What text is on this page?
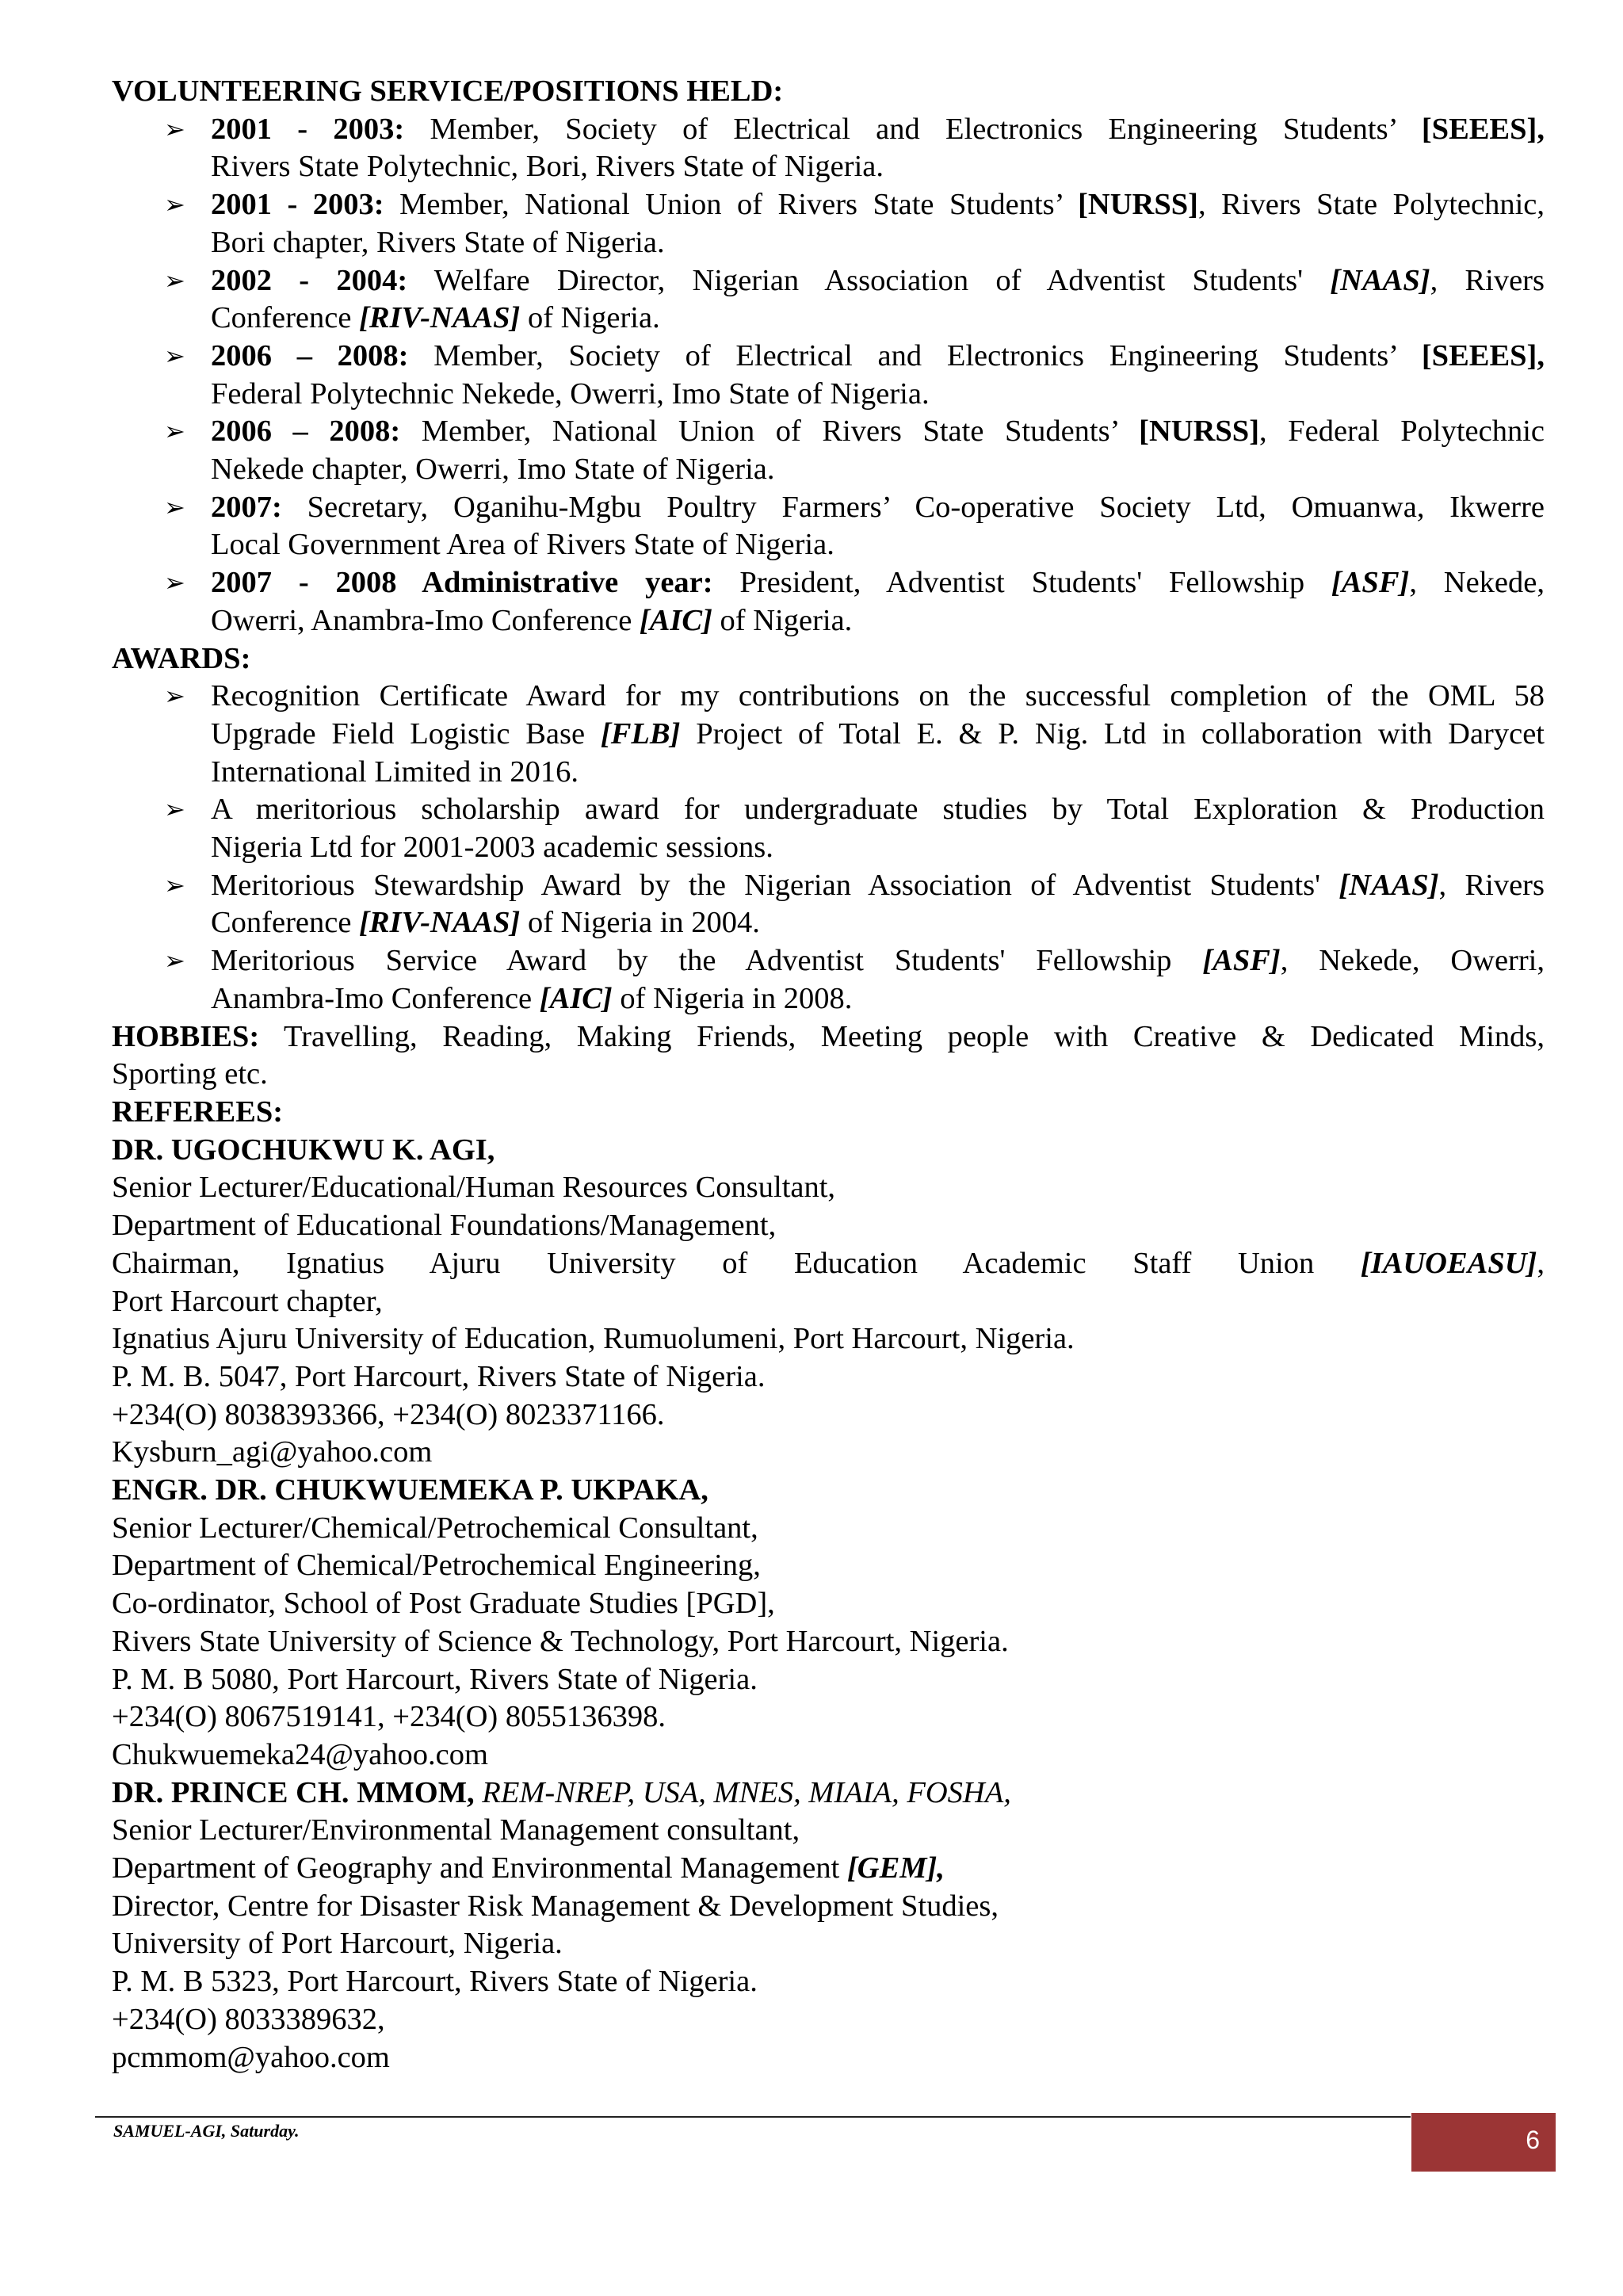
VOLUNTEERING SERVICE/POSITIONS HELD:
➢ 2001 - 2003: Member, Society of Electrical and Electronics Engineering Students’ [SEEES],
Rivers State Polytechnic, Bori, Rivers State of Nigeria.
➢ 2001 - 2003: Member, National Union of Rivers State Students’ [NURSS], Rivers State Polytechnic,
Bori chapter, Rivers State of Nigeria.
➢ 2002 - 2004: Welfare Director, Nigerian Association of Adventist Students' [NAAS], Rivers
Conference [RIV-NAAS] of Nigeria.
➢ 2006 – 2008: Member, Society of Electrical and Electronics Engineering Students’ [SEEES],
Federal Polytechnic Nekede, Owerri, Imo State of Nigeria.
➢ 2006 – 2008: Member, National Union of Rivers State Students’ [NURSS], Federal Polytechnic
Nekede chapter, Owerri, Imo State of Nigeria.
➢ 2007: Secretary, Oganihu-Mgbu Poultry Farmers’ Co-operative Society Ltd, Omuanwa, Ikwerre
Local Government Area of Rivers State of Nigeria.
➢ 2007 - 2008 Administrative year: President, Adventist Students' Fellowship [ASF], Nekede,
Owerri, Anambra-Imo Conference [AIC] of Nigeria.
AWARDS:
➢ Recognition Certificate Award for my contributions on the successful completion of the OML 58
Upgrade Field Logistic Base [FLB] Project of Total E. & P. Nig. Ltd in collaboration with Darycet
International Limited in 2016.
➢ A meritorious scholarship award for undergraduate studies by Total Exploration & Production
Nigeria Ltd for 2001-2003 academic sessions.
➢ Meritorious Stewardship Award by the Nigerian Association of Adventist Students' [NAAS], Rivers
Conference [RIV-NAAS] of Nigeria in 2004.
➢ Meritorious Service Award by the Adventist Students' Fellowship [ASF], Nekede, Owerri,
Anambra-Imo Conference [AIC] of Nigeria in 2008.
HOBBIES: Travelling, Reading, Making Friends, Meeting people with Creative & Dedicated Minds,
Sporting etc.
REFEREES:
DR. UGOCHUKWU K. AGI,
Senior Lecturer/Educational/Human Resources Consultant,
Department of Educational Foundations/Management,
Chairman, Ignatius Ajuru University of Education Academic Staff Union [IAUOEASU],
Port Harcourt chapter,
Ignatius Ajuru University of Education, Rumuolumeni, Port Harcourt, Nigeria.
P. M. B. 5047, Port Harcourt, Rivers State of Nigeria.
+234(O) 8038393366, +234(O) 8023371166.
Kysburn_agi@yahoo.com
ENGR. DR. CHUKWUEMEKA P. UKPAKA,
Senior Lecturer/Chemical/Petrochemical Consultant,
Department of Chemical/Petrochemical Engineering,
Co-ordinator, School of Post Graduate Studies [PGD],
Rivers State University of Science & Technology, Port Harcourt, Nigeria.
P. M. B 5080, Port Harcourt, Rivers State of Nigeria.
+234(O) 8067519141, +234(O) 8055136398.
Chukwuemeka24@yahoo.com
DR. PRINCE CH. MMOM, REM-NREP, USA, MNES, MIAIA, FOSHA,
Senior Lecturer/Environmental Management consultant,
Department of Geography and Environmental Management [GEM],
Director, Centre for Disaster Risk Management & Development Studies,
University of Port Harcourt, Nigeria.
P. M. B 5323, Port Harcourt, Rivers State of Nigeria.
+234(O) 8033389632,
pcmmom@yahoo.com
SAMUEL-AGI, Saturday.	6
